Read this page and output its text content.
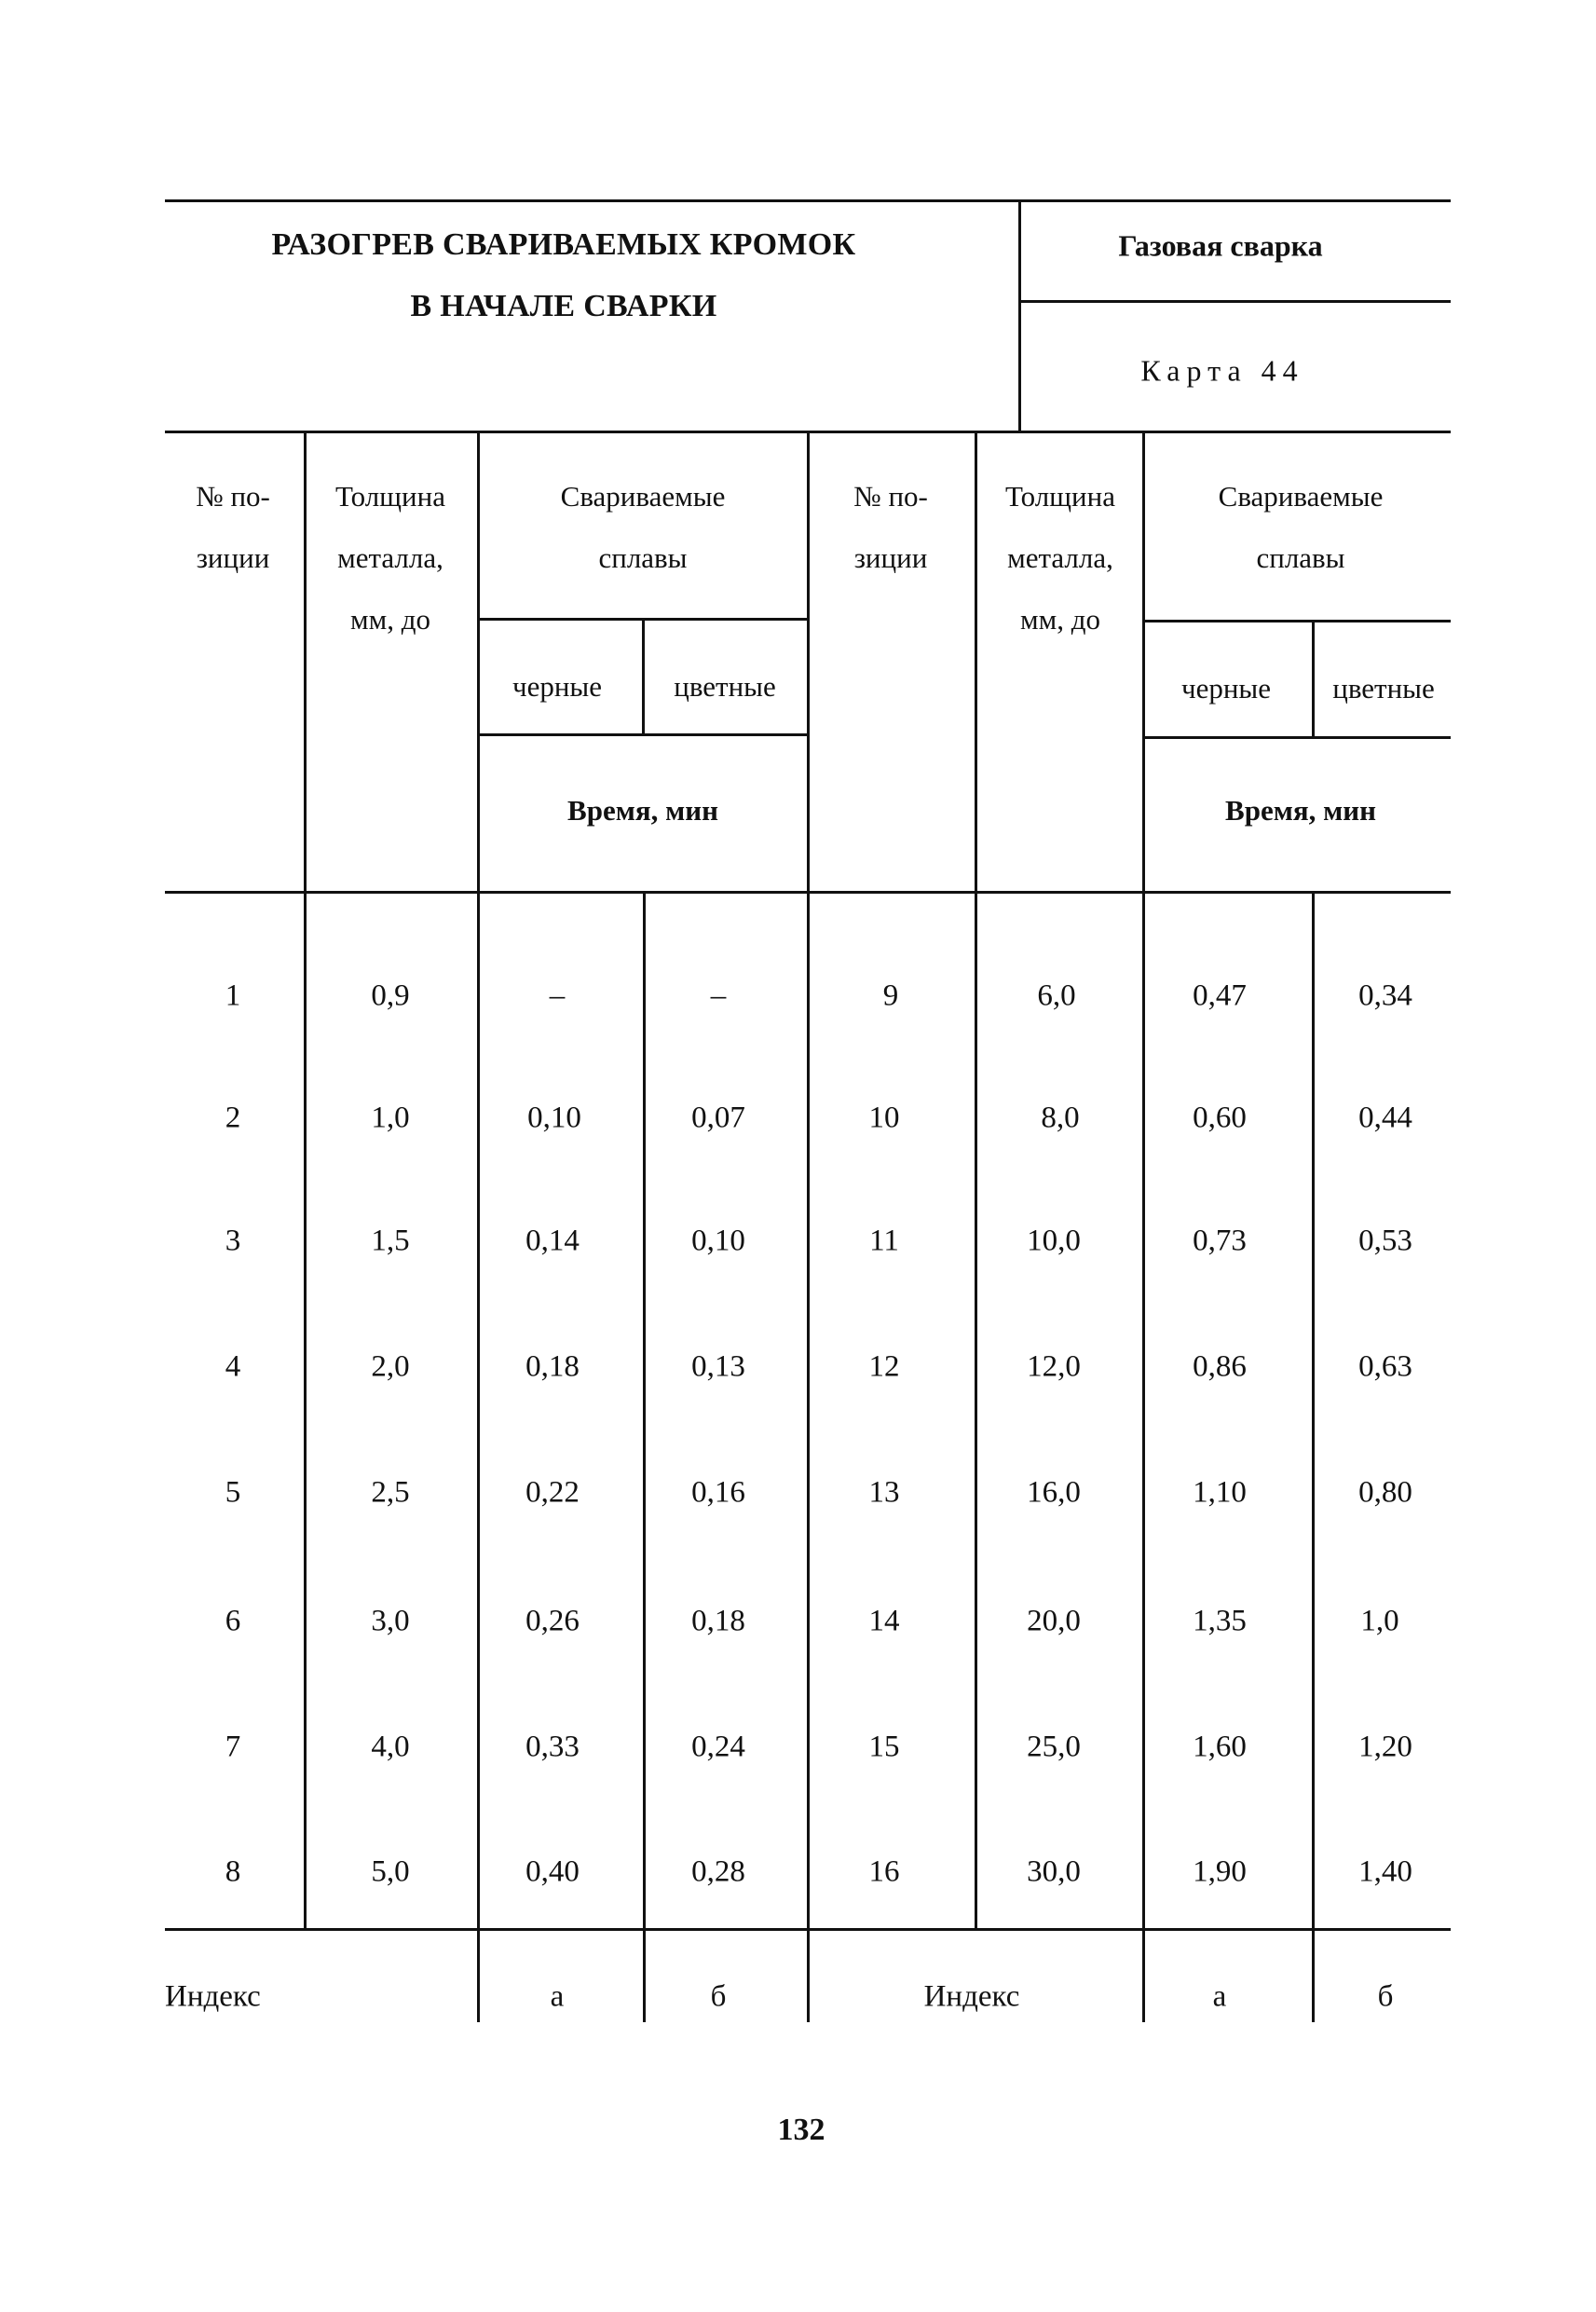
РАЗОГРЕВ СВАРИВАЕМЫХ КРОМОК
В НАЧАЛЕ СВАРКИ
Газовая сварка
Карта 44
№ по-
зиции
Толщина
металла,
мм, до
Свариваемые
сплавы
черные цветные
Время, мин
№ по-
зиции
Толщина
металла,
мм, до
Свариваемые
сплавы
черные цветные
Время, мин
1	0,9	–	–
2	1,0	0,10	0,07
3	1,5	0,14	0,10
4	2,0	0,18	0,13
5	2,5	0,22	0,16
6	3,0	0,26	0,18
7	4,0	0,33	0,24
8	5,0	0,40	0,28
9	6,0	0,47	0,34
10	8,0	0,60	0,44
11	10,0	0,73	0,53
12	12,0	0,86	0,63
13	16,0	1,10	0,80
14	20,0	1,35	1,0
15	25,0	1,60	1,20
16	30,0	1,90	1,40
Индекс	а	б	Индекс	а	б
132
